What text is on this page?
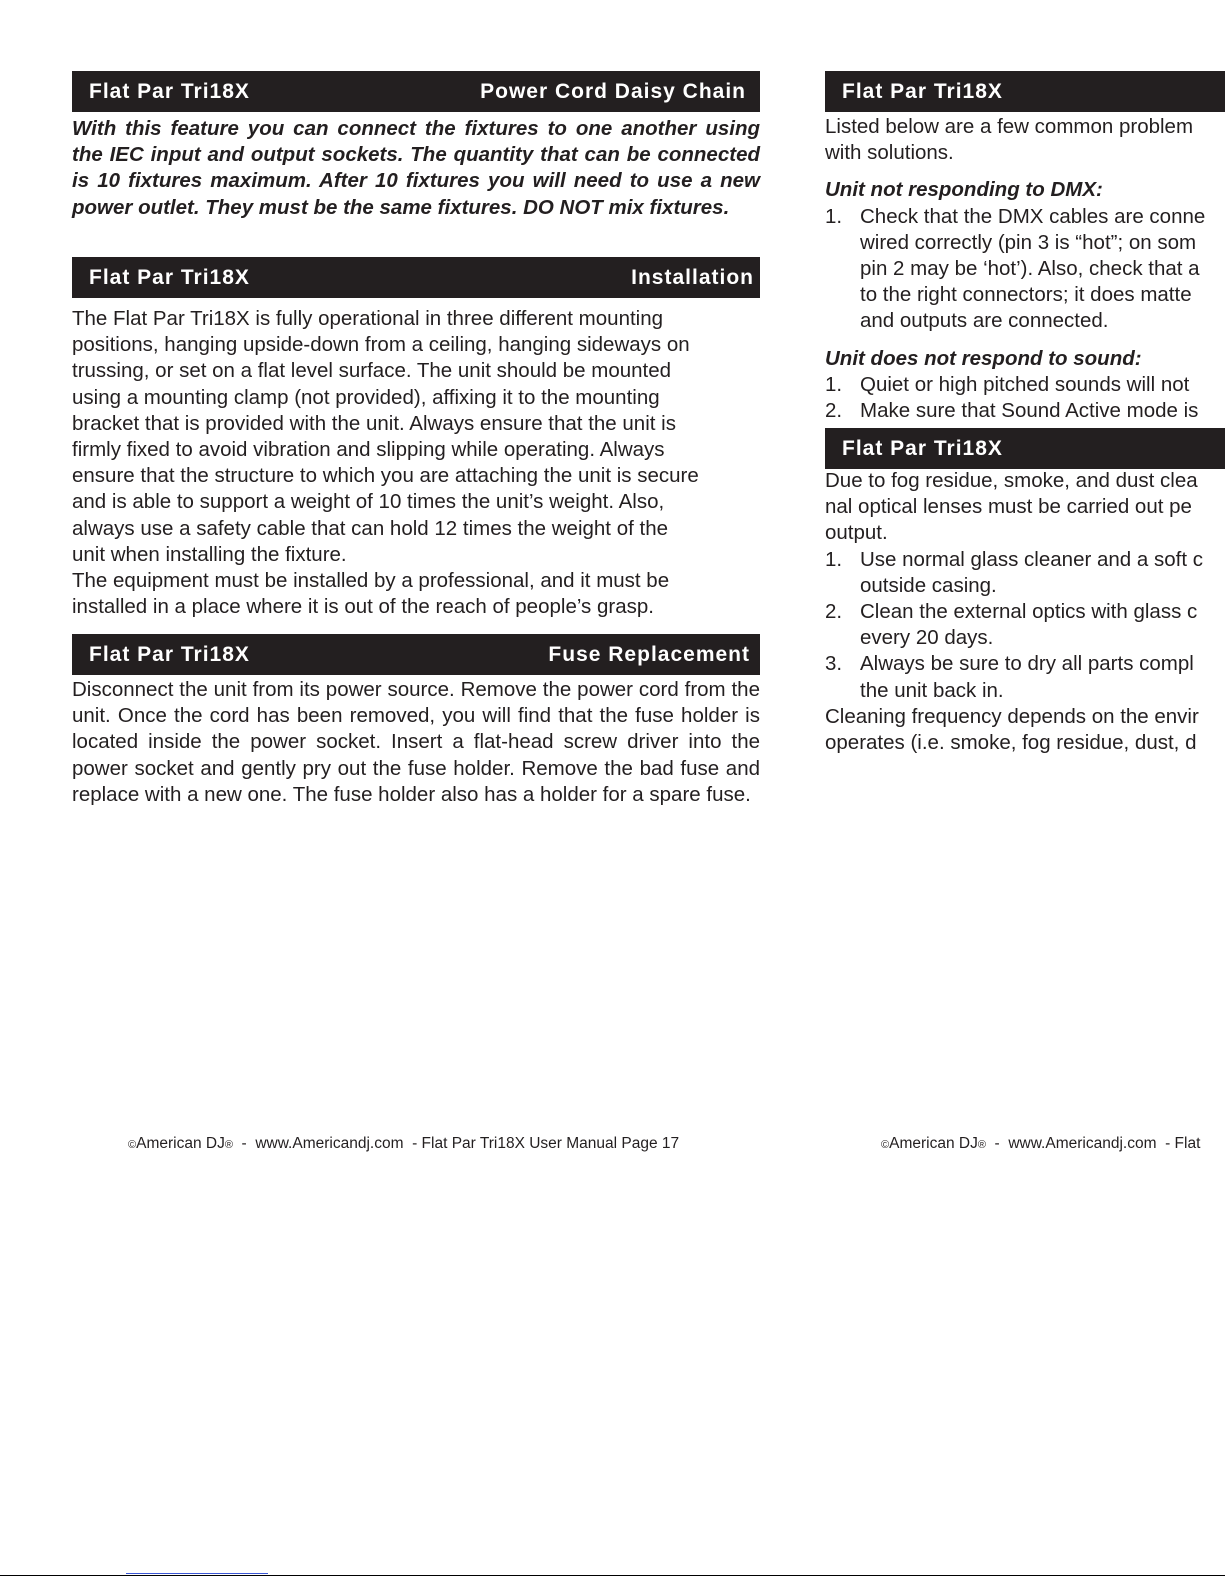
Flat Par Tri18X	Power Cord Daisy Chain
With this feature you can connect the fixtures to one another using the IEC input and output sockets. The quantity that can be connected is 10 fixtures maximum. After 10 fixtures you will need to use a new power outlet. They must be the same fixtures. DO NOT mix fixtures.
Flat Par Tri18X	Installation
The Flat Par Tri18X is fully operational in three different mounting
positions, hanging upside-down from a ceiling, hanging sideways on
trussing, or set on a flat level surface. The unit should be mounted
using a mounting clamp (not provided), affixing it to the mounting
bracket that is provided with the unit. Always ensure that the unit is
firmly fixed to avoid vibration and slipping while operating. Always
ensure that the structure to which you are attaching the unit is secure
and is able to support a weight of 10 times the unit’s weight. Also,
always use a safety cable that can hold 12 times the weight of the
unit when installing the fixture.
The equipment must be installed by a professional, and it must be
installed in a place where it is out of the reach of people’s grasp.
Flat Par Tri18X	Fuse Replacement
Disconnect the unit from its power source. Remove the power cord from the unit. Once the cord has been removed, you will find that the fuse holder is located inside the power socket. Insert a flat-head screw driver into the power socket and gently pry out the fuse holder. Remove the bad fuse and replace with a new one. The fuse holder also has a holder for a spare fuse.
©American DJ®  -  www.Americandj.com  - Flat Par Tri18X User Manual Page 17
Flat Par Tri18X
Listed below are a few common problem
with solutions.
Unit not responding to DMX:
1. Check that the DMX cables are conne
wired correctly (pin 3 is “hot”; on som
pin 2 may be ‘hot’). Also, check that a
to the right connectors; it does matte
and outputs are connected.
Unit does not respond to sound:
1. Quiet or high pitched sounds will not
2. Make sure that Sound Active mode is
Flat Par Tri18X
Due to fog residue, smoke, and dust clea
nal optical lenses must be carried out pe
output.
1. Use normal glass cleaner and a soft c
outside casing.
2. Clean the external optics with glass c
every 20 days.
3. Always be sure to dry all parts compl
the unit back in.
Cleaning frequency depends on the envir
operates (i.e. smoke, fog residue, dust, d
©American DJ®  -  www.Americandj.com  - Flat
